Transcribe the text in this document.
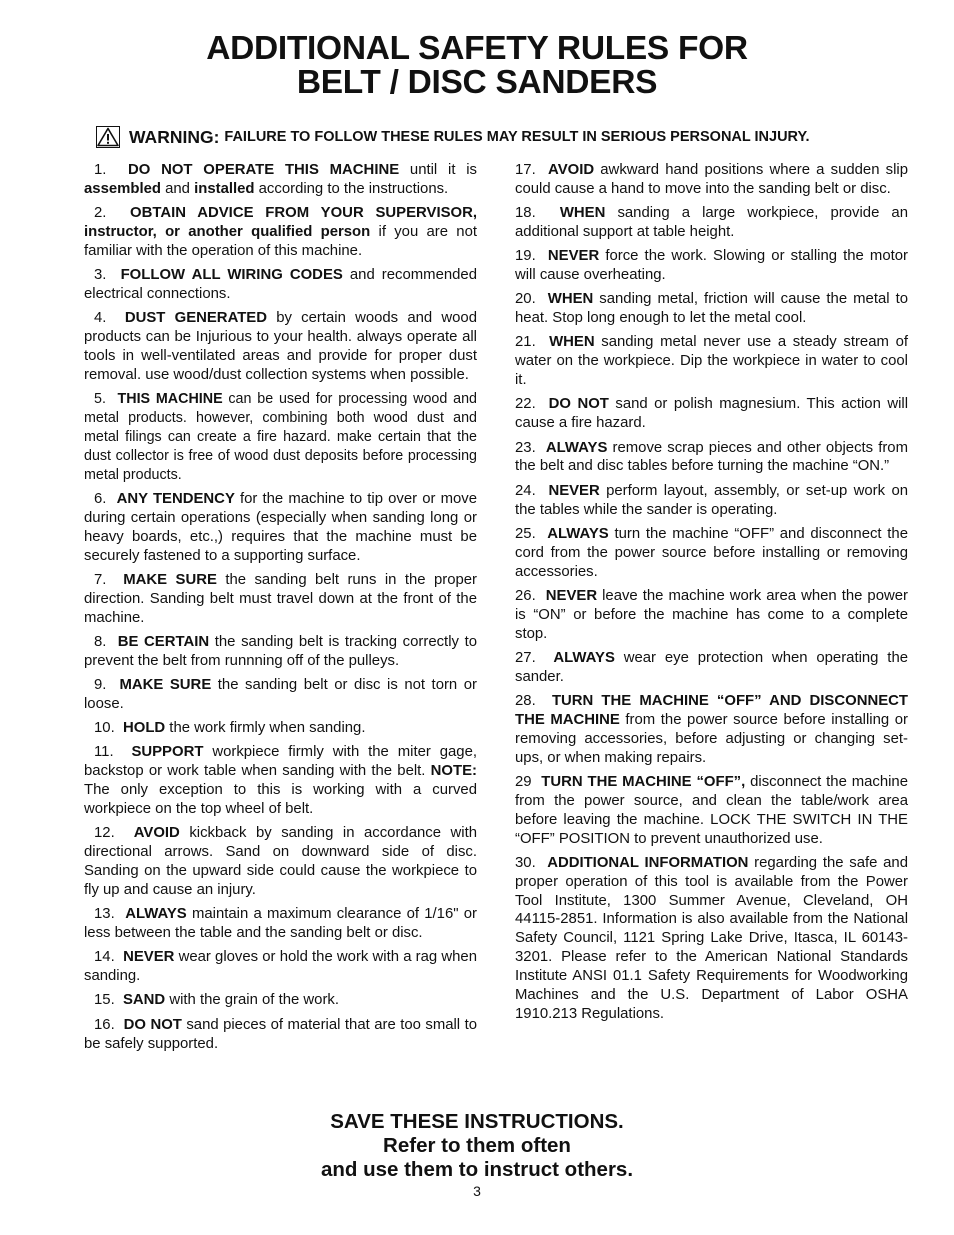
ADDITIONAL SAFETY RULES FOR
BELT / DISC SANDERS
WARNING : FAILURE TO FOLLOW THESE RULES MAY RESULT IN SERIOUS PERSONAL INJURY.

1. DO NOT OPERATE THIS MACHINE until it is assembled and installed according to the instructions.

2. OBTAIN ADVICE FROM YOUR SUPERVISOR, instructor, or another qualified person if you are not familiar with the operation of this machine.

3. FOLLOW ALL WIRING CODES and recommended electrical connections.

4. DUST GENERATED by certain woods and wood products can be Injurious to your health. always operate all tools in well-ventilated areas and provide for proper dust removal. use wood/dust collection systems when possible.

5. THIS MACHINE can be used for processing wood and metal products. however, combining both wood dust and metal filings can create a fire hazard. make certain that the dust collector is free of wood dust deposits before processing metal products.

6. ANY TENDENCY for the machine to tip over or move during certain operations (especially when sanding long or heavy boards, etc.,) requires that the machine must be securely fastened to a supporting surface.

7. MAKE SURE the sanding belt runs in the proper direction. Sanding belt must travel down at the front of the machine.

8. BE CERTAIN the sanding belt is tracking correctly to prevent the belt from runnning off of the pulleys.

9. MAKE SURE the sanding belt or disc is not torn or loose.

10. HOLD the work firmly when sanding.

11. SUPPORT workpiece firmly with the miter gage, backstop or work table when sanding with the belt. NOTE: The only exception to this is working with a curved workpiece on the top wheel of belt.

12. AVOID kickback by sanding in accordance with directional arrows. Sand on downward side of disc. Sanding on the upward side could cause the workpiece to fly up and cause an injury.

13. ALWAYS maintain a maximum clearance of 1/16" or less between the table and the sanding belt or disc.

14. NEVER wear gloves or hold the work with a rag when sanding.

15. SAND with the grain of the work.

16. DO NOT sand pieces of material that are too small to be safely supported.

17. AVOID awkward hand positions where a sudden slip could cause a hand to move into the sanding belt or disc.

18. WHEN sanding a large workpiece, provide an additional support at table height.

19. NEVER force the work. Slowing or stalling the motor will cause overheating.

20. WHEN sanding metal, friction will cause the metal to heat. Stop long enough to let the metal cool.

21. WHEN sanding metal never use a steady stream of water on the workpiece. Dip the workpiece in water to cool it.

22. DO NOT sand or polish magnesium. This action will cause a fire hazard.

23. ALWAYS remove scrap pieces and other objects from the belt and disc tables before turning the machine “ON.”

24. NEVER perform layout, assembly, or set-up work on the tables while the sander is operating.

25. ALWAYS turn the machine “OFF” and disconnect the cord from the power source before installing or removing accessories.

26. NEVER leave the machine work area when the power is “ON” or before the machine has come to a complete stop.

27. ALWAYS wear eye protection when operating the sander.

28. TURN THE MACHINE “OFF” AND DISCONNECT THE MACHINE from the power source before installing or removing accessories, before adjusting or changing set-ups, or when making repairs.

29 TURN THE MACHINE “OFF”, disconnect the machine from the power source, and clean the table/work area before leaving the machine. LOCK THE SWITCH IN THE “OFF” POSITION to prevent unauthorized use.

30. ADDITIONAL INFORMATION regarding the safe and proper operation of this tool is available from the Power Tool Institute, 1300 Summer Avenue, Cleveland, OH 44115-2851. Information is also available from the National Safety Council, 1121 Spring Lake Drive, Itasca, IL 60143-3201. Please refer to the American National Standards Institute ANSI 01.1 Safety Requirements for Woodworking Machines and the U.S. Department of Labor OSHA 1910.213 Regulations.

SAVE THESE INSTRUCTIONS.
Refer to them often
and use them to instruct others.
3
